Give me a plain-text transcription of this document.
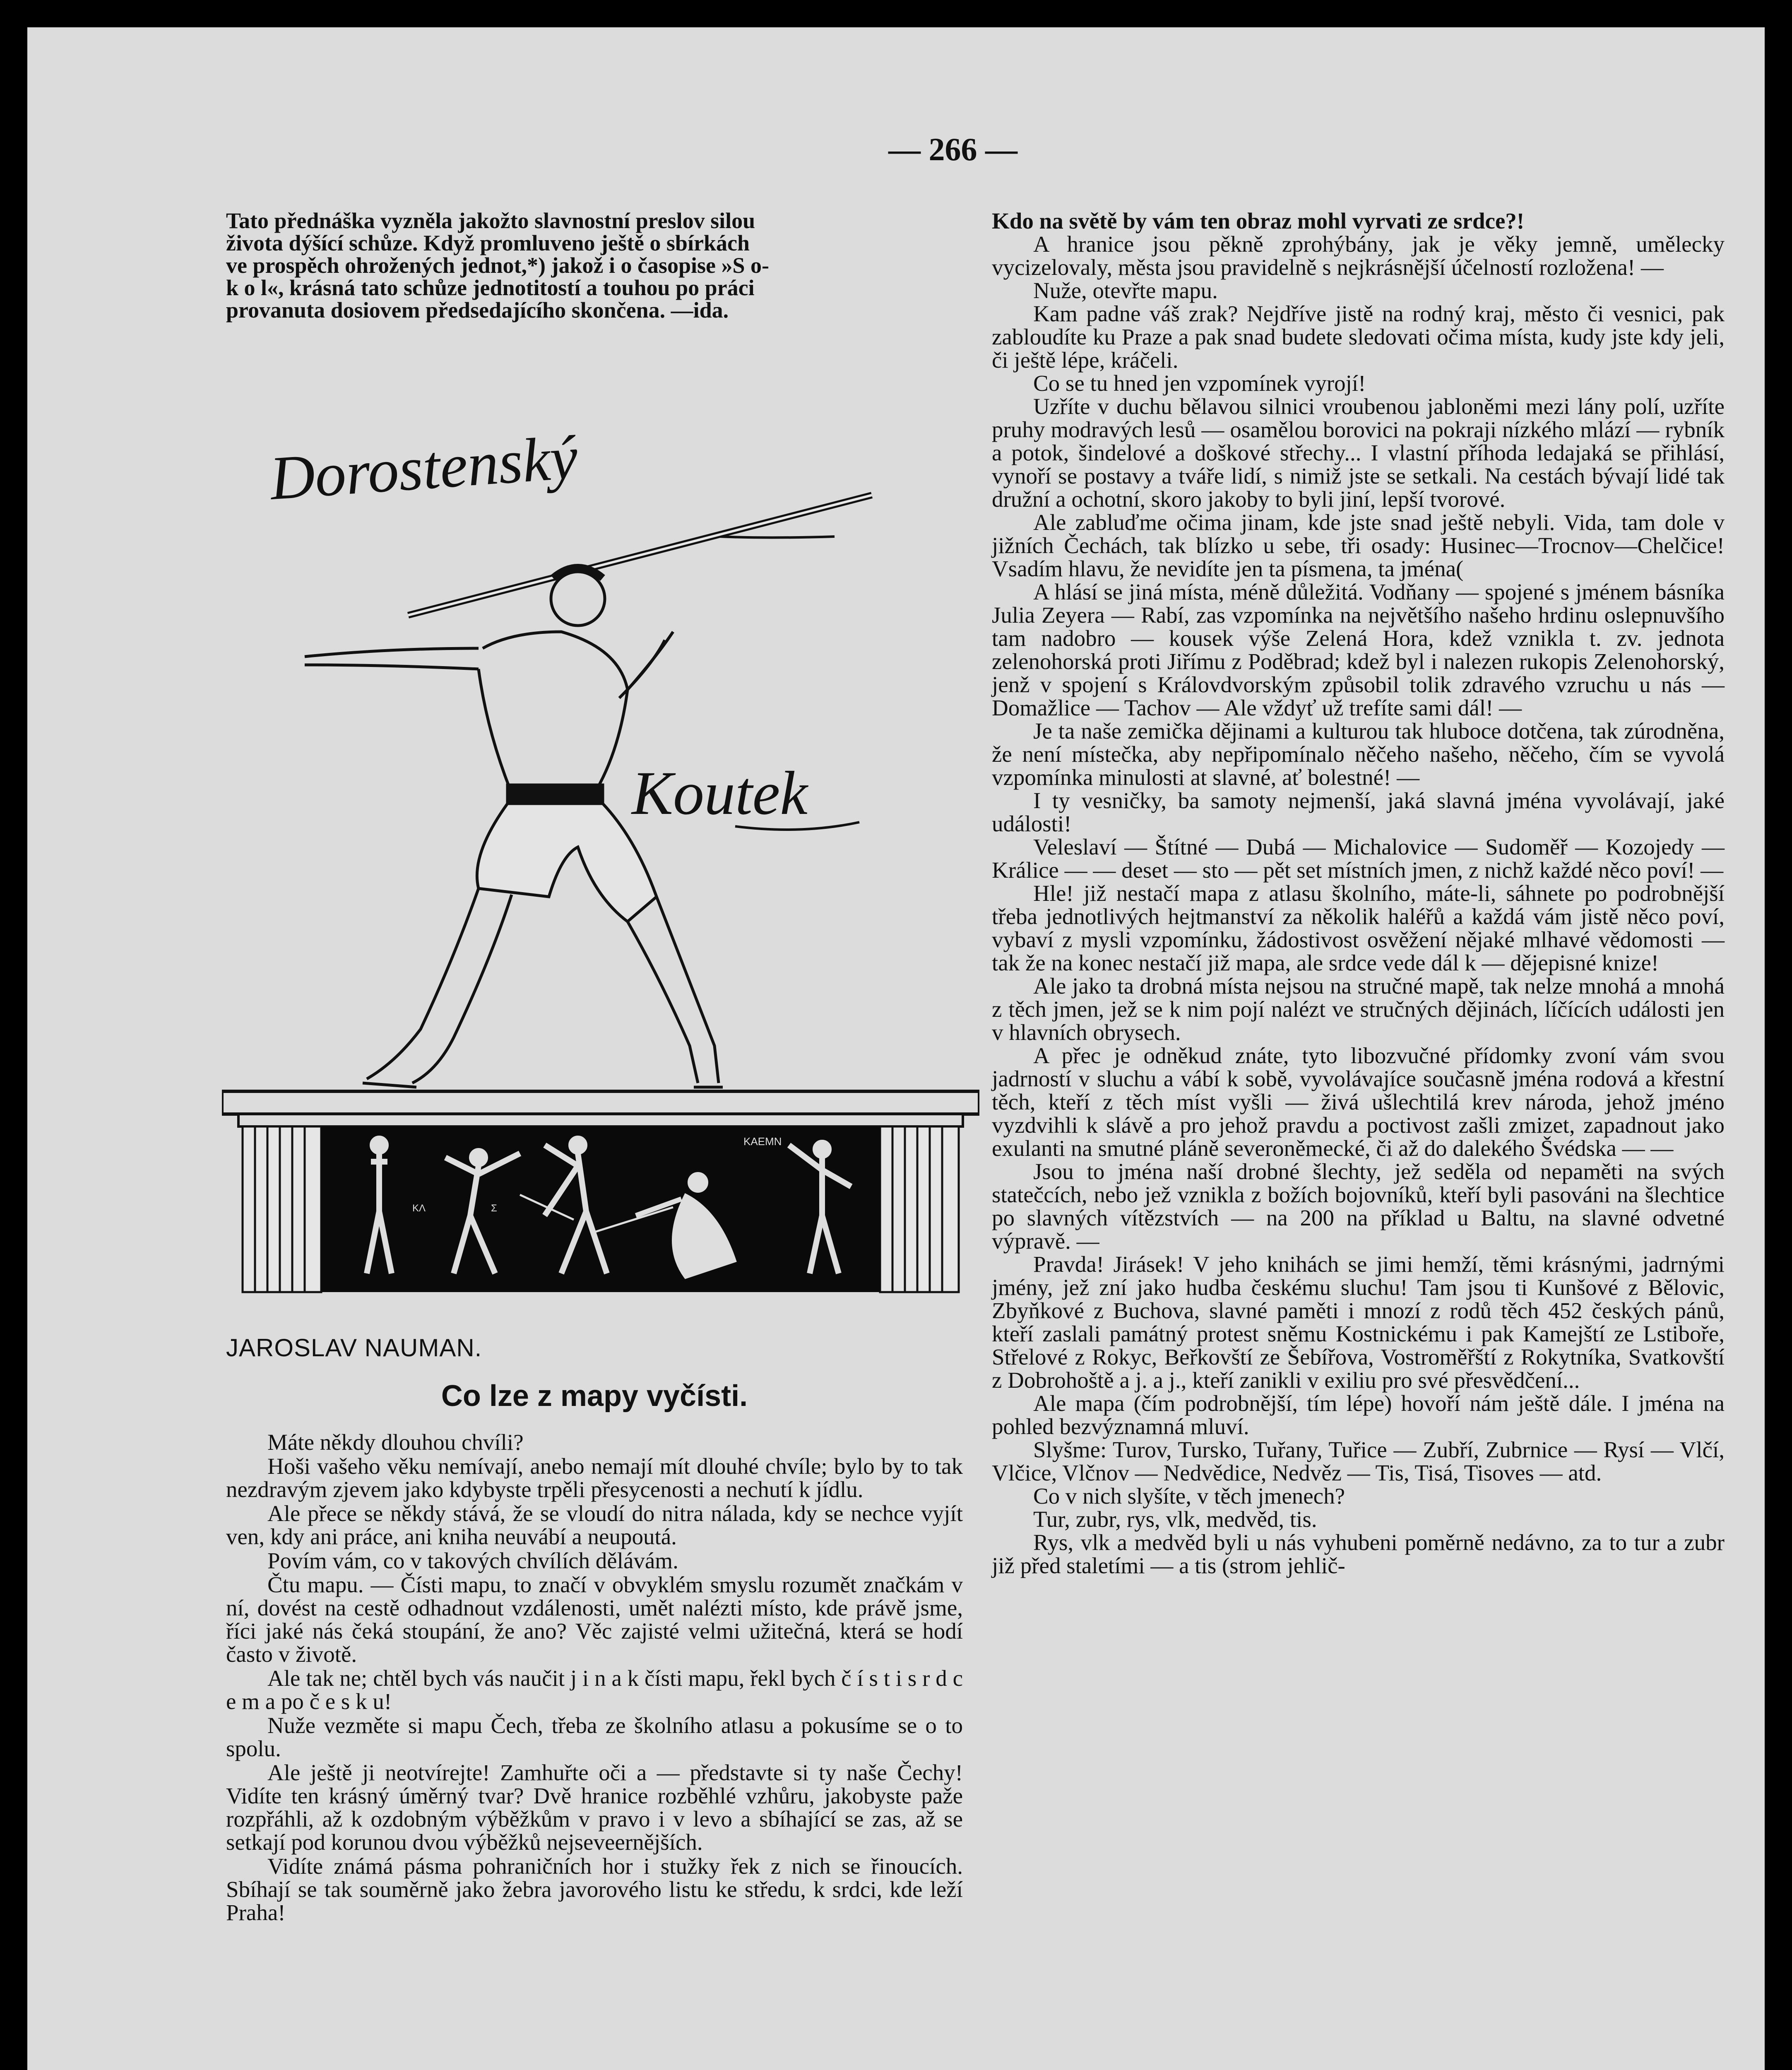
— 266 —
Tato přednáška vyzněla jakožto slavnostní preslov silou
života dýšící schůze. Když promluveno ještě o sbírkách
ve prospěch ohrožených jednot,*) jakož i o časopise »S o-
k o l«, krásná tato schůze jednotitostí a touhou po práci
provanuta dosiovem předsedajícího skončena. —ida.
Dorostenský
Koutek
ΚΑΕΜΝ
ΚΛ	Σ
JAROSLAV NAUMAN.
Co lze z mapy vyčísti.

Máte někdy dlouhou chvíli?

Hoši vašeho věku nemívají, anebo nemají mít dlouhé chvíle; bylo by to tak nezdravým zjevem jako kdybyste trpěli přesycenosti a nechutí k jídlu.

Ale přece se někdy stává, že se vloudí do nitra nálada, kdy se nechce vyjít ven, kdy ani práce, ani kniha neuvábí a neupoutá.

Povím vám, co v takových chvílích dělávám.

Čtu mapu. — Čísti mapu, to značí v obvyklém smyslu rozumět značkám v ní, dovést na cestě odhadnout vzdálenosti, umět nalézti místo, kde právě jsme, říci jaké nás čeká stoupání, že ano? Věc zajisté velmi užitečná, která se hodí často v životě.

Ale tak ne; chtěl bych vás naučit j i n a k čísti mapu, řekl bych č í s t i s r d c e m a po č e s k u!

Nuže vezměte si mapu Čech, třeba ze školního atlasu a pokusíme se o to spolu.

Ale ještě ji neotvírejte! Zamhuřte oči a — představte si ty naše Čechy! Vidíte ten krásný úměrný tvar? Dvě hranice rozběhlé vzhůru, jakobyste paže rozpřáhli, až k ozdobným výběžkům v pravo i v levo a sbíhající se zas, až se setkají pod korunou dvou výběžků nejseveernějších.

Vidíte známá pásma pohraničních hor i stužky řek z nich se řinoucích. Sbíhají se tak souměrně jako žebra javorového listu ke středu, k srdci, kde leží Praha!

Kdo na světě by vám ten obraz mohl vyrvati ze srdce?!

A hranice jsou pěkně zprohýbány, jak je věky jemně, umělecky vycizelovaly, města jsou pravidelně s nejkrásnější účelností rozložena! —

Nuže, otevřte mapu.

Kam padne váš zrak? Nejdříve jistě na rodný kraj, město či vesnici, pak zabloudíte ku Praze a pak snad budete sledovati očima místa, kudy jste kdy jeli, či ještě lépe, kráčeli.

Co se tu hned jen vzpomínek vyrojí!

Uzříte v duchu bělavou silnici vroubenou jabloněmi mezi lány polí, uzříte pruhy modravých lesů — osamělou borovici na pokraji nízkého mlází — rybník a potok, šindelové a doškové střechy... I vlastní příhoda ledajaká se přihlásí, vynoří se postavy a tváře lidí, s nimiž jste se setkali. Na cestách bývají lidé tak družní a ochotní, skoro jakoby to byli jiní, lepší tvorové.

Ale zabluďme očima jinam, kde jste snad ještě nebyli. Vida, tam dole v jižních Čechách, tak blízko u sebe, tři osady: Husinec—Trocnov—Chelčice! Vsadím hlavu, že nevidíte jen ta písmena, ta jména(

A hlásí se jiná místa, méně důležitá. Vodňany — spojené s jménem básníka Julia Zeyera — Rabí, zas vzpomínka na největšího našeho hrdinu oslepnuvšího tam nadobro — kousek výše Zelená Hora, kdež vznikla t. zv. jednota zelenohorská proti Jiřímu z Poděbrad; kdež byl i nalezen rukopis Zelenohorský, jenž v spojení s Královdvorským způsobil tolik zdravého vzruchu u nás — Domažlice — Tachov — Ale vždyť už trefíte sami dál! —

Je ta naše zemička dějinami a kulturou tak hluboce dotčena, tak zúrodněna, že není místečka, aby nepřipomínalo něčeho našeho, něčeho, čím se vyvolá vzpomínka minulosti at slavné, ať bolestné! —

I ty vesničky, ba samoty nejmenší, jaká slavná jména vyvolávají, jaké události!

Veleslaví — Štítné — Dubá — Michalovice — Sudoměř — Kozojedy — Králice — — deset — sto — pět set místních jmen, z nichž každé něco poví! —

Hle! již nestačí mapa z atlasu školního, máte-li, sáhnete po podrobnější třeba jednotlivých hejtmanství za několik haléřů a každá vám jistě něco poví, vybaví z mysli vzpomínku, žádostivost osvěžení nějaké mlhavé vědomosti — tak že na konec nestačí již mapa, ale srdce vede dál k — dějepisné knize!

Ale jako ta drobná místa nejsou na stručné mapě, tak nelze mnohá a mnohá z těch jmen, jež se k nim pojí nalézt ve stručných dějinách, líčících události jen v hlavních obrysech.

A přec je odněkud znáte, tyto libozvučné přídomky zvoní vám svou jadrností v sluchu a vábí k sobě, vyvolávajíce současně jména rodová a křestní těch, kteří z těch míst vyšli — živá ušlechtilá krev národa, jehož jméno vyzdvihli k slávě a pro jehož pravdu a poctivost zašli zmizet, zapadnout jako exulanti na smutné pláně severoněmecké, či až do dalekého Švédska — —

Jsou to jména naší drobné šlechty, jež seděla od nepaměti na svých statečcích, nebo jež vznikla z božích bojovníků, kteří byli pasováni na šlechtice po slavných vítězstvích — na 200 na příklad u Baltu, na slavné odvetné výpravě. —

Pravda! Jirásek! V jeho knihách se jimi hemží, těmi krásnými, jadrnými jmény, jež zní jako hudba českému sluchu! Tam jsou ti Kunšové z Bělovic, Zbyňkové z Buchova, slavné paměti i mnozí z rodů těch 452 českých pánů, kteří zaslali památný protest sněmu Kostnickému i pak Kamejští ze Lstiboře, Střelové z Rokyc, Beřkovští ze Šebířova, Vostroměřští z Rokytníka, Svatkovští z Dobrohoště a j. a j., kteří zanikli v exiliu pro své přesvědčení...

Ale mapa (čím podrobnější, tím lépe) hovoří nám ještě dále. I jména na pohled bezvýznamná mluví.

Slyšme: Turov, Tursko, Tuřany, Tuřice — Zubří, Zubrnice — Rysí — Vlčí, Vlčice, Vlčnov — Nedvědice, Nedvěz — Tis, Tisá, Tisoves — atd.

Co v nich slyšíte, v těch jmenech?

Tur, zubr, rys, vlk, medvěd, tis.

Rys, vlk a medvěd byli u nás vyhubeni poměrně nedávno, za to tur a zubr již před staletími — a tis (strom jehlič-
